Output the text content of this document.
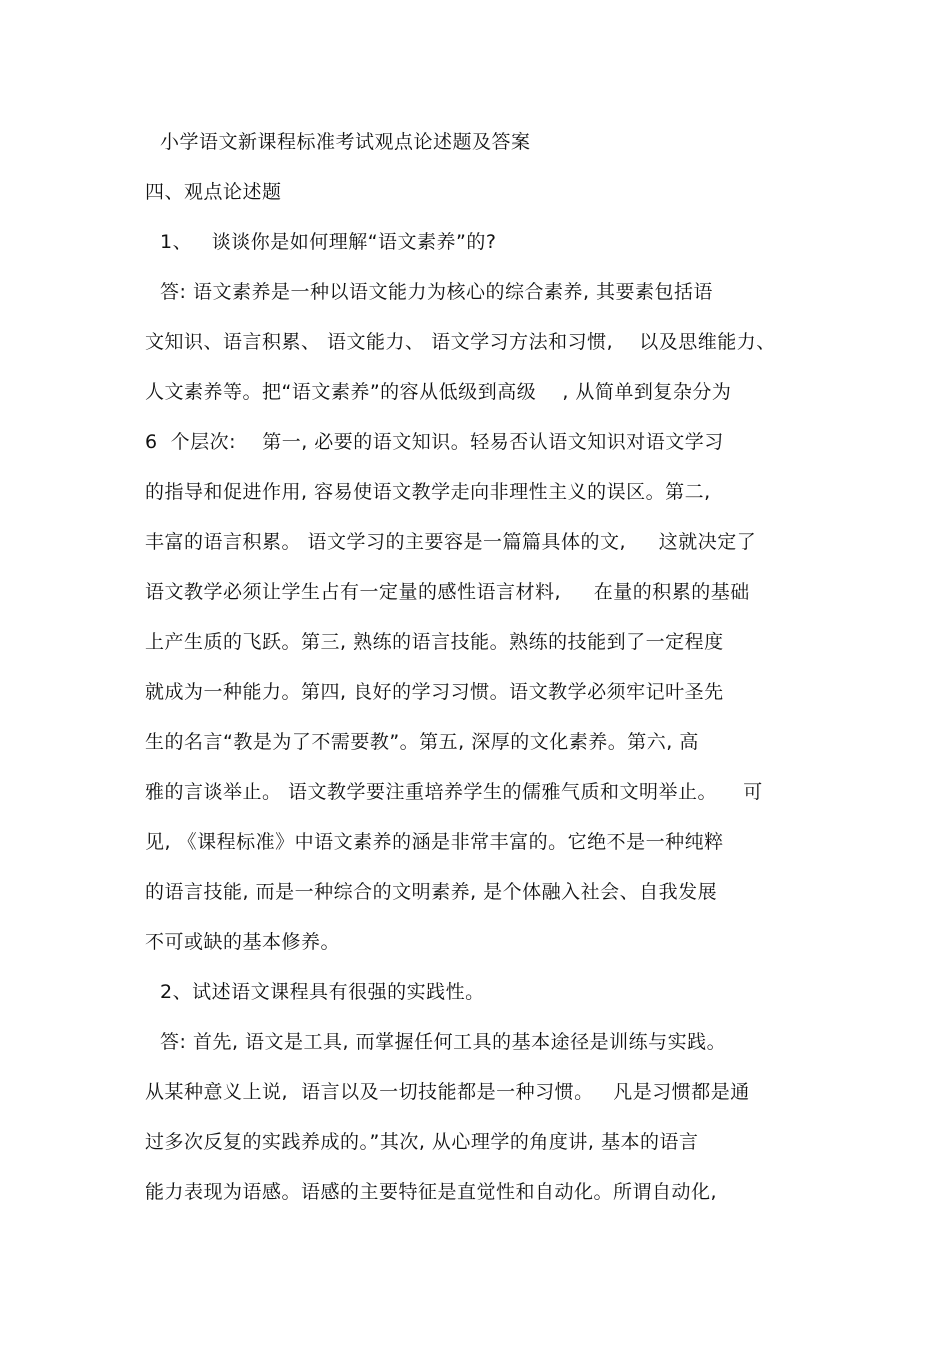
小学语文新课程标准考试观点论述题及答案
四、观点论述题
1、   谈谈你是如何理解“语文素养”的?
答: 语文素养是一种以语文能力为核心的综合素养, 其要素包括语
文知识、语言积累、 语文能力、 语文学习方法和习惯,    以及思维能力、
人文素养等。把“语文素养”的容从低级到高级    , 从简单到复杂分为
6  个层次:    第一, 必要的语文知识。轻易否认语文知识对语文学习
的指导和促进作用, 容易使语文教学走向非理性主义的误区。第二,
丰富的语言积累。 语文学习的主要容是一篇篇具体的文,     这就决定了
语文教学必须让学生占有一定量的感性语言材料,     在量的积累的基础
上产生质的飞跃。第三, 熟练的语言技能。熟练的技能到了一定程度
就成为一种能力。第四, 良好的学习习惯。语文教学必须牢记叶圣先
生的名言“教是为了不需要教”。第五, 深厚的文化素养。第六, 高
雅的言谈举止。 语文教学要注重培养学生的儒雅气质和文明举止。    可
见, 《课程标准》中语文素养的涵是非常丰富的。它绝不是一种纯粹
的语言技能, 而是一种综合的文明素养, 是个体融入社会、自我发展
不可或缺的基本修养。
2、试述语文课程具有很强的实践性。
答: 首先, 语文是工具, 而掌握任何工具的基本途径是训练与实践。
从某种意义上说,  语言以及一切技能都是一种习惯。   凡是习惯都是通
过多次反复的实践养成的。”其次, 从心理学的角度讲, 基本的语言
能力表现为语感。语感的主要特征是直觉性和自动化。所谓自动化,
